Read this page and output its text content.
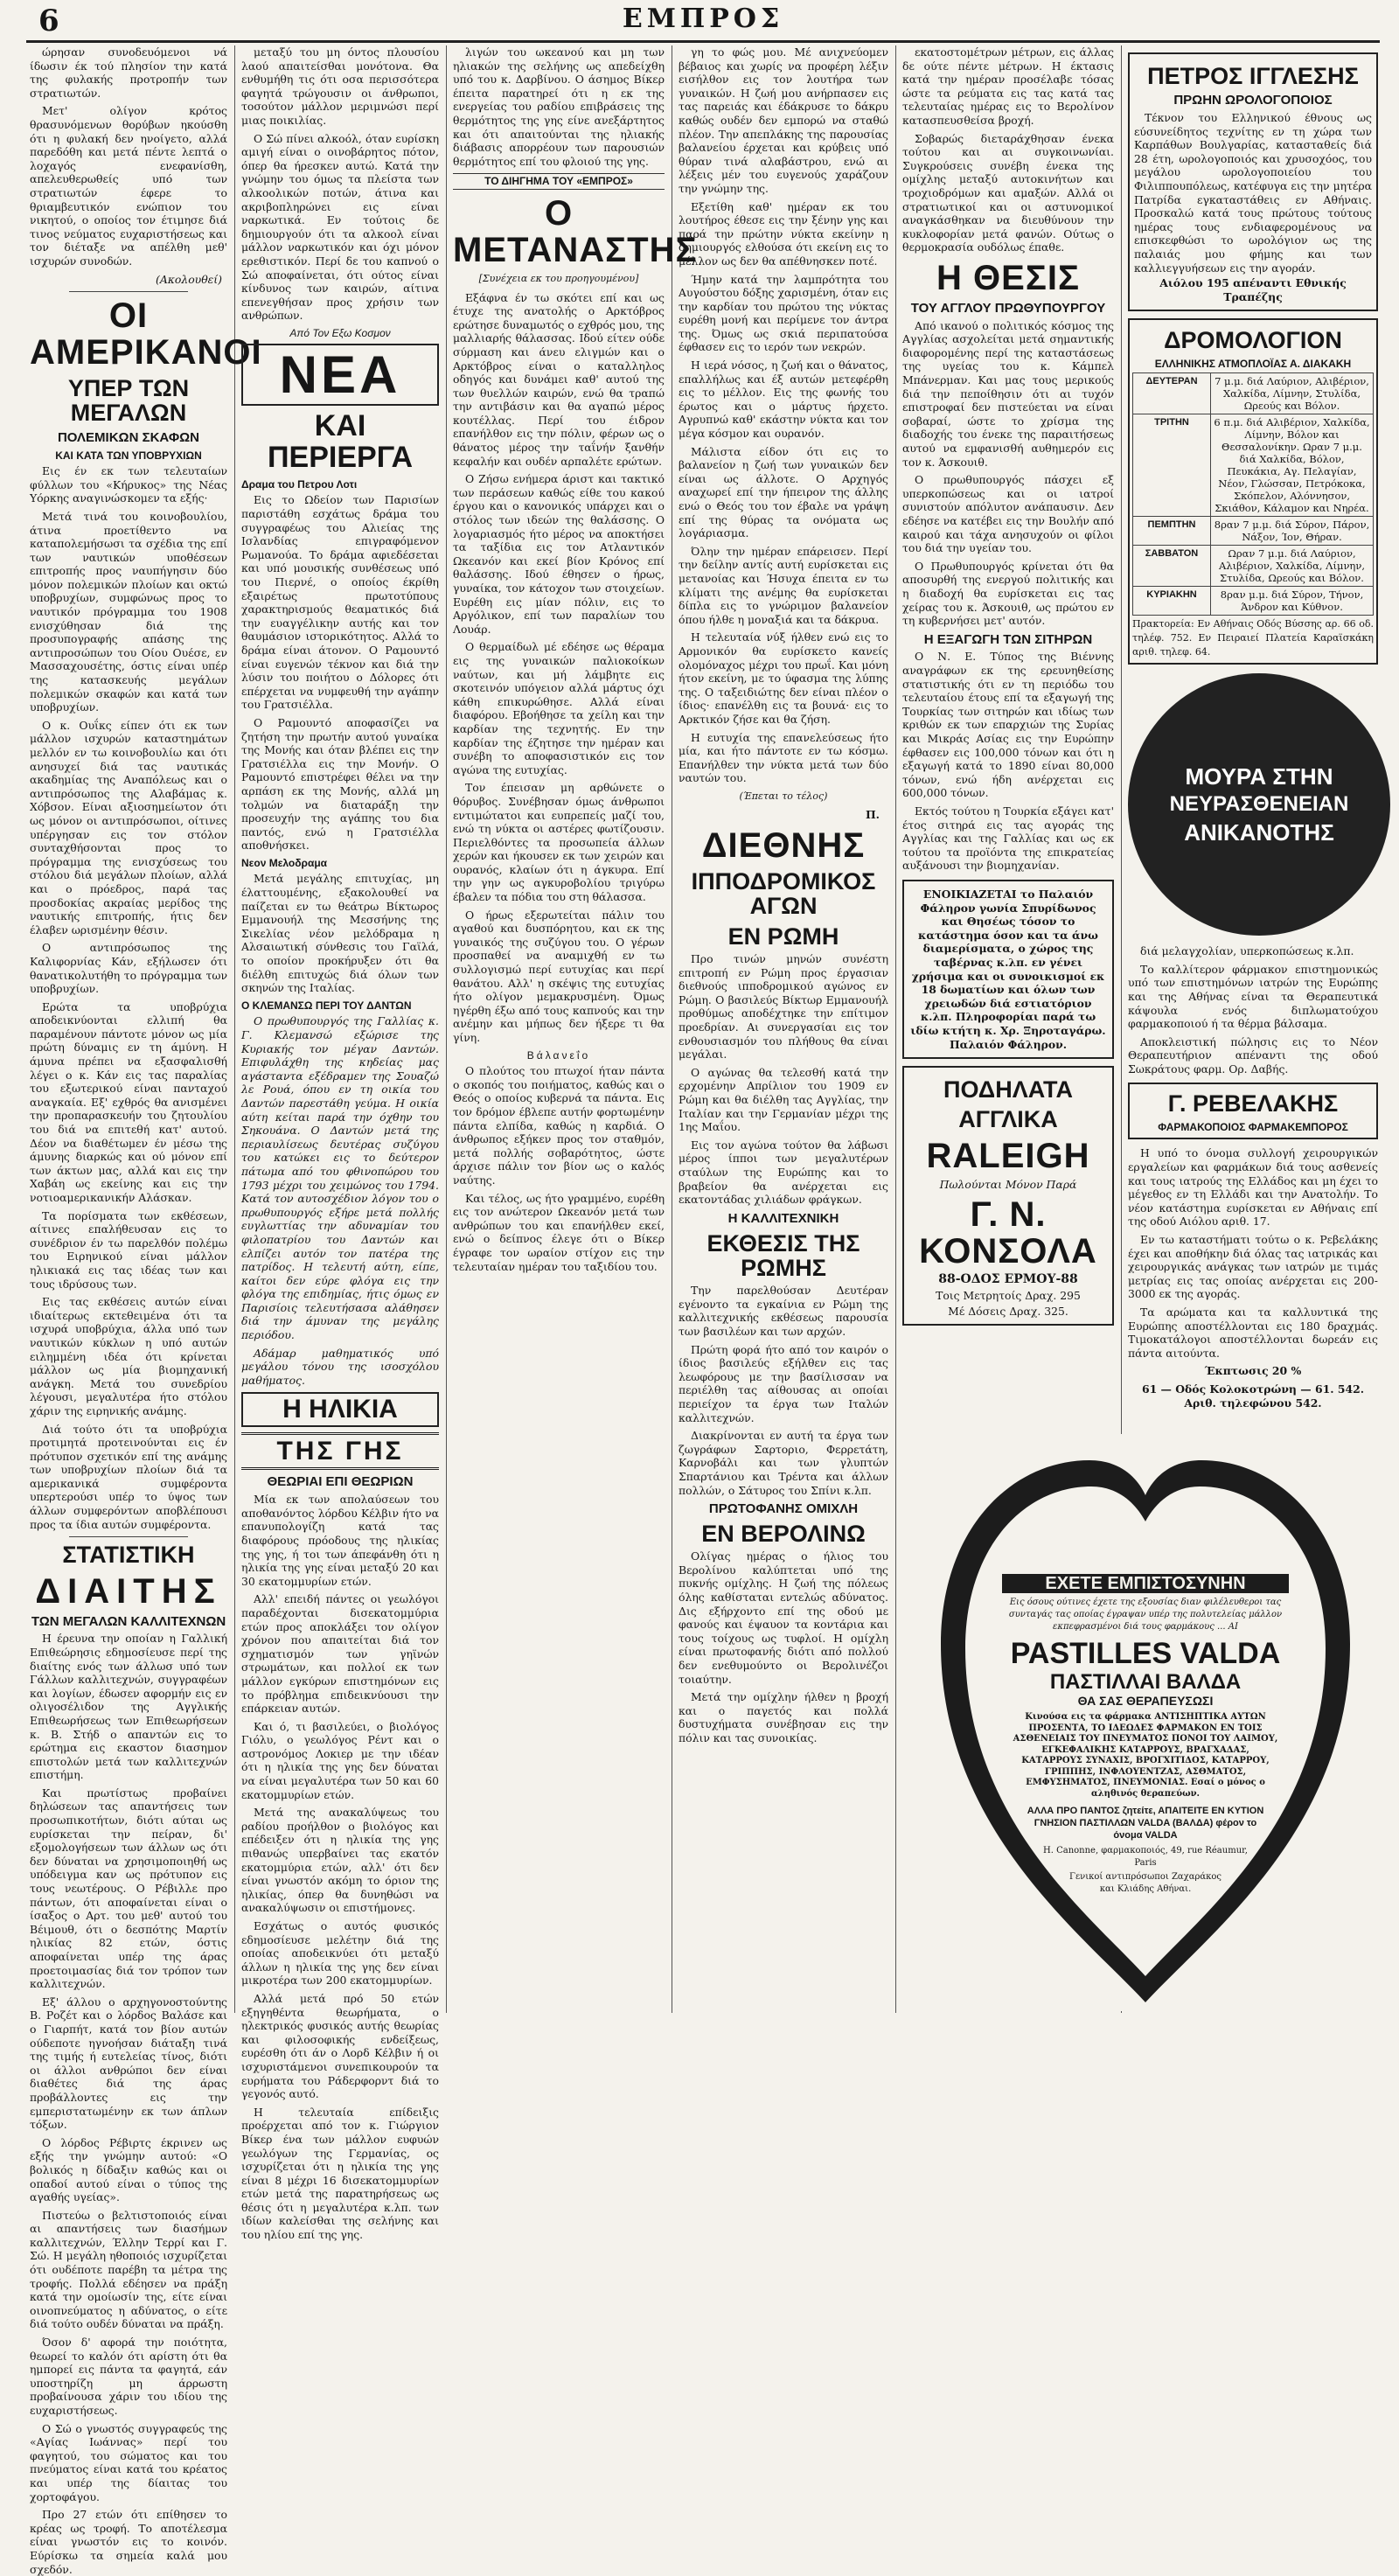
6	ΕΜΠΡΟΣ

ώρησαν συνοδευόμενοι νά ίδωσιν έκ τού πλησίον την κατά της φυλακής προτροπήν των στρατιωτών.

Μετ' ολίγον κρότος θρασυνόμενων θορύβων ηκούσθη ότι η φυλακή δεν ηνοίγετο, αλλά παρεδόθη και μετά πέντε λεπτά ο λοχαγός ενεφανίσθη, απελευθερωθείς υπό των στρατιωτών έφερε το θριαμβευτικόν ενώπιον του νικητού, ο οποίος τον έτιμησε διά τινος νεύματος ευχαριστήσεως και τον διέταξε να απέλθη μεθ' ισχυρών συνοδών.

(Ακολουθεί)
ΟΙ ΑΜΕΡΙΚΑΝΟΙ
ΥΠΕΡ ΤΩΝ ΜΕΓΑΛΩΝ
ΠΟΛΕΜΙΚΩΝ ΣΚΑΦΩΝ
ΚΑΙ ΚΑΤΑ ΤΩΝ ΥΠΟΒΡΥΧΙΩΝ

Εις έν εκ των τελευταίων φύλλων του «Κήρυκος» της Νέας Υόρκης αναγινώσκομεν τα εξής·

Μετά τινά του κοινοβουλίου, άτινα προετίθεντο να καταπολεμήσωσι τα σχέδια της επί των ναυτικών υποθέσεων επιτροπής προς ναυπήγησιν δύο μόνον πολεμικών πλοίων και οκτώ υποβρυχίων, συμφώνως προς το ναυτικόν πρόγραμμα του 1908 ενισχύθησαν διά της προσυπογραφής απάσης της αντιπροσώπων του Οίου Ουέσε, εν Μασσαχουσέτης, όστις είναι υπέρ της κατασκευής μεγάλων πολεμικών σκαφών και κατά των υποβρυχίων.

Ο κ. Ουΐκς είπεν ότι εκ των μάλλον ισχυρών καταστημάτων μελλόν εν τω κοινοβουλίω και ότι ανησυχεί διά τας ναυτικάς ακαδημίας της Αναπόλεως και ο αντιπρόσωπος της Αλαβάμας κ. Χόβσον. Είναι αξιοσημείωτον ότι ως μόνον οι αντιπρόσωποι, οίτινες υπέργησαν εις τον στόλον συνταχθήσονται προς το πρόγραμμα της ενισχύσεως του στόλου διά μεγάλων πλοίων, αλλά και ο πρόεδρος, παρά τας προσδοκίας ακραίας μερίδος της ναυτικής επιτροπής, ήτις δεν έλαβεν ωρισμένην θέσιν.

Ο αντιπρόσωπος της Καλιφορνίας Κάν, εξήλωσεν ότι θανατικολυτήθη το πρόγραμμα των υποβρυχίων.

Ερώτα τα υποβρύχια αποδεικνύονται ελλιπή θα παραμένουν πάντοτε μόνον ως μία πρώτη δύναμις εν τη άμύνη. Η άμυνα πρέπει να εξασφαλισθή λέγει ο κ. Κάν εις τας παραλίας του εξωτερικού είναι πανταχού αναγκαία. Εξ' εχθρός θα ανισμένει την προπαρασκευήν του ζητουλίου του διά να επιτεθή κατ' αυτού. Δέον να διαθέτωμεν έν μέσω της άμυνης διαρκώς και ού μόνον επί των άκτων μας, αλλά και εις την Χαβάη ως εκείνης και εις την νοτιοαμερικανικήν Αλάσκαν.

Τα πορίσματα των εκθέσεων, αίτινες επαλήθευσαν εις το συνέδριον έν τω παρελθόν πολέμω του Ειρηνικού είναι μάλλον ηλικιακά εις τας ιδέας των και τους ιδρύσους των.

Εις τας εκθέσεις αυτών είναι ιδιαίτερως εκτεθειμένα ότι τα ισχυρά υποβρύχια, άλλα υπό των ναυτικών κύκλων η υπό αυτών ειλημμένη ιδέα ότι κρίνεται μάλλον ως μία βιομηχανική ανάγκη. Μετά του συνεδρίου λέγουσι, μεγαλυτέρα ήτο στόλου χάριν της ειρηνικής ανάμης.

Διά τούτο ότι τα υποβρύχια προτιμητά προτεινούνται εις έν πρότυπον σχετικόν επί της ανάμης των υποβρυχίων πλοίων διά τα αμερικανικά συμφέροντα υπερτερούσι υπέρ το ύψος των άλλων συμφερόντων αποβλέπουσι προς τα ίδια αυτών συμφέροντα.

ΣΤΑΤΙΣΤΙΚΗ
ΔΙΑΙΤΗΣ
ΤΩΝ ΜΕΓΑΛΩΝ ΚΑΛΛΙΤΕΧΝΩΝ

Η έρευνα την οποίαν η Γαλλική Επιθεώρησις εδημοσίευσε περί της διαίτης ενός των άλλωσ υπό των Γάλλων καλλιτεχνών, συγγραφέων και λογίων, έδωσεν αφορμήν εις εν ολιγοσέλιδον της Αγγλικής Επιθεωρήσεως των Επιθεωρήσεων κ. Β. Στήδ ο απαντών εις το ερώτημα εις εκαστον διασημον επιστολών μετά των καλλιτεχνών επιστήμη.

Και πρωτίστως προβαίνει δηλώσεων τας απαντήσεις των προσωπικοτήτων, διότι αύται ως ευρίσκεται την πείραν, δι' εξομολογήσεων των άλλων ως ότι δεν δύναται να χρησιμοποιηθή ως υπόδειγμα καν ως πρότυπον εις τους νεωτέρους. Ο Ρέβιλλε προ πάντων, ότι αποφαίνεται είναι ο ίσαξος ο Αρτ. του μεθ' αυτού του Βέιμουθ, ότι ο δεσπότης Μαρτίν ηλικίας 82 ετών, όστις αποφαίνεται υπέρ της άρας προετοιμασίας διά τον τρόπον των καλλιτεχνών.

Εξ' άλλου ο αρχηγονοστούντης Β. Ροζέτ και ο λόρδος Βαλάσε και ο Γιαρπήτ, κατά τον βίον αυτών ούδεποτε ηγνοήσαν διάταξη τινά της τιμής ή ευτελείας τίνος, διότι οι άλλοι ανθρώποι δεν είναι διαθέτες διά της άρας προβάλλοντες εις την εμπεριστατωμένην εκ των άπλων τόξων.

Ο λόρδος Ρέβιρτς έκρινεν ως εξής την γνώμην αυτού: «Ο βολικός η δίδαξιν καθώς και οι οπαδοί αυτού είναι ο τύπος της αγαθής υγείας».

Πιστεύω ο βελτιστοποιός είναι αι απαντήσεις των διασήμων καλλιτεχνών, Έλλην Τερρί και Γ. Σώ. Η μεγάλη ηθοποιός ισχυρίζεται ότι ουδέποτε παρέβη τα μέτρα της τροφής. Πολλά εδέησεν να πράξη κατά την ομοίωσίν της, είτε είναι οινοπνεύματος η αδύνατος, ο είτε διά τούτο ουδέν δύναται να πράξη.

Όσον δ' αφορά την ποιότητα, θεωρεί το καλόν ότι αρίστη ότι θα ημπορεί εις πάντα τα φαγητά, εάν υποστηρίζη μη άρρωστη προβαίνουσα χάριν του ιδίου της ευχαριστήσεως.

Ο Σώ ο γνωστός συγγραφεύς της «Αγίας Ιωάννας» περί του φαγητού, του σώματος και του πνεύματος είναι κατά του κρέατος και υπέρ της δίαιτας του χορτοφάγου.

Προ 27 ετών ότι επίθησεν το κρέας ως τροφή. Το αποτέλεσμα είναι γνωστόν εις το κοινόν. Εύρίσκω τα σημεία καλά μου σχεδόν.

μεταξύ του μη όντος πλουσίου λαού απαιτείσθαι μονότονα. Θα ενθυμήθη τις ότι οσα περισσότερα φαγητά τρώγουσιν οι άνθρωποι, τοσούτον μάλλον μεριμνώσι περί μιας ποικιλίας.

Ο Σώ πίνει αλκοόλ, όταν ευρίσκη αμιγή είναι ο οινοβάρητος πότον, όπερ θα ήρεσκεν αυτώ. Κατά την γνώμην του όμως τα πλείστα των αλκοολικών ποτών, άτινα και ακριβοπληρώνει εις είναι ναρκωτικά. Εν τούτοις δε δημιουργούν ότι τα αλκοολ είναι μάλλον ναρκωτικόν και όχι μόνον ερεθιστικόν. Περί δε του καπνού ο Σώ αποφαίνεται, ότι ούτος είναι κίνδυνος των καιρών, αίτινα επενεγθήσαν προς χρήσιν των ανθρώπων.

Από Τον Εξω Κοσμον
ΝΕΑ
ΚΑΙ ΠΕΡΙΕΡΓΑ
Δραμα του Πετρου Λοτι

Εις το Ωδείον των Παρισίων παριστάθη εσχάτως δράμα του συγγραφέως του Αλιείας της Ισλανδίας επιγραφόμενον Ρωμανούα. Το δράμα αφιεδέσεται και υπό μουσικής συνθέσεως υπό του Πιερνέ, ο οποίος έκρίθη εξαιρέτως πρωτοτύπους χαρακτηρισμούς θεαματικός διά την ευαγγέλικην αυτής και τον θαυμάσιον ιστορικότητος. Αλλά το δράμα είναι άτονον. Ο Ραμουντό είναι ευγενών τέκνον και διά την λύσιν του ποιήτου ο Δόλορες ότι επέρχεται να νυμφευθή την αγάπην του Γρατσιέλλα.

Ο Ραμουντό αποφασίζει να ζητήση την πρωτήν αυτού γυναίκα της Μονής και όταν βλέπει εις την Γρατσιέλλα εις την Μονήν. Ο Ραμουντό επιστρέφει θέλει να την αρπάση εκ της Μονής, αλλά μη τολμών να διαταράξη την προσευχήν της αγάπης του δια παντός, ενώ η Γρατσιέλλα αποθνήσκει.

Νεον Μελοδραμα

Μετά μεγάλης επιτυχίας, μη έλαττουμένης, εξακολουθεί να παίζεται εν τω θεάτρω Βίκτωρος Εμμανουήλ της Μεσσήνης της Σικελίας νέον μελόδραμα η Αλσαιωτική σύνθεσις του Γαϊλά, το οποίον προκήρυξεν ότι θα διέλθη επιτυχώς διά όλων των σκηνών της Ιταλίας.

Ο ΚΛΕΜΑΝΣΩ ΠΕΡΙ ΤΟΥ ΔΑΝΤΩΝ

Ο πρωθυπουργός της Γαλλίας κ. Γ. Κλεμανσώ εξώρισε της Κυριακής τον μέγαν Δαντών. Επιφυλάχθη της κηδείας μας αγάσταντα εξέδραμεν της Σουαζώ λε Ρουά, όπου εν τη οικία του Δαντών παρεστάθη γεύμα. Η οικία αύτη κείται παρά την όχθην του Σηκουάνα. Ο Δαντών μετά της περιαυλίσεως δευτέρας συζύγου του κατώκει εις το δεύτερον πάτωμα από του φθινοπώρου του 1793 μέχρι του χειμώνος του 1794. Κατά τον αυτοσχέδιον λόγον του ο πρωθυπουργός εξήρε μετά πολλής ευγλωττίας την αδυναμίαν του φιλοπατρίου του Δαντών και ελπίζει αυτόν τον πατέρα της πατρίδος. Η τελευτή αύτη, είπε, καίτοι δεν εύρε φλόγα εις την φλόγα της επιδημίας, ήτις όμως εν Παρισίοις τελευτήσασα αλάθησεν διά την άμυναν της μεγάλης περιόδου.

Αδάμαρ μαθηματικός υπό μεγάλου τόνου της ισοσχόλου μαθήματος.

Η ΗΛΙΚΙΑ
ΤΗΣ ΓΗΣ
ΘΕΩΡΙΑΙ ΕΠΙ ΘΕΩΡΙΩΝ

Μία εκ των απολαύσεων του αποθανόντος λόρδου Κέλβιν ήτο να επανυπολογίζη κατά τας διαφόρους πρόοδους της ηλικίας της γης, ή τοι των άπεφάνθη ότι η ηλικία της γης είναι μεταξύ 20 και 30 εκατομμυρίων ετών.

Αλλ' επειδή πάντες οι γεωλόγοι παραδέχονται δισεκατομμύρια ετών προς αποκλάξει τον ολίγον χρόνον που απαιτείται διά τον σχηματισμόν των γηϊνών στρωμάτων, και πολλοί εκ των μάλλον εγκύρων επιστημόνων εις το πρόβλημα επιδεικνύουσι την επάρκειαν αυτών.

Και ό, τι βασιλεύει, ο βιολόγος Γιόλυ, ο γεωλόγος Ρέντ και ο αστρονόμος Λοκιερ με την ιδέαν ότι η ηλικία της γης δεν δύναται να είναι μεγαλυτέρα των 50 και 60 εκατομμυρίων ετών.

Μετά της ανακαλύψεως του ραδίου προήλθον ο βιολόγος και επέδειξεν ότι η ηλικία της γης πιθανώς υπερβαίνει τας εκατόν εκατομμύρια ετών, αλλ' ότι δεν είναι γνωστόν ακόμη το όριον της ηλικίας, όπερ θα δυνηθώσι να ανακαλύψωσιν οι επιστήμονες.

Εσχάτως ο αυτός φυσικός εδημοσίευσε μελέτην διά της οποίας αποδεικνύει ότι μεταξύ άλλων η ηλικία της γης δεν είναι μικροτέρα των 200 εκατομμυρίων.

Αλλά μετά πρό 50 ετών εξηγηθέντα θεωρήματα, ο ηλεκτρικός φυσικός αυτής θεωρίας και φιλοσοφικής ενδείξεως, ευρέσθη ότι άν ο Λορδ Κέλβιν ή οι ισχυριστάμενοι συνεπικουρούν τα ευρήματα του Ράδερφορντ διά το γεγονός αυτό.

Η τελευταία επίδειξις προέρχεται από τον κ. Γιώργιον Βίκερ ένα των μάλλον ευφυών γεωλόγων της Γερμανίας, ος ισχυρίζεται ότι η ηλικία της γης είναι 8 μέχρι 16 δισεκατομμυρίων ετών μετά της παρατηρήσεως ως θέσις ότι η μεγαλυτέρα κ.λπ. των ιδίων καλείσθαι της σελήνης και του ηλίου επί της γης.

λιγών του ωκεανού και μη των ηλιακών της σελήνης ως απεδείχθη υπό του κ. Δαρβίνου. Ο άσημος Βίκερ έπειτα παρατηρεί ότι η εκ της ενεργείας του ραδίου επιβράσεις της θερμότητος της γης είνε ανεξάρτητος και ότι απαιτούνται της ηλιακής διάβασις απορρέουν των παρουσιών θερμότητος επί του φλοιού της γης.

ΤΟ ΔΙΗΓΗΜΑ ΤΟΥ «ΕΜΠΡΟΣ»
Ο ΜΕΤΑΝΑΣΤΗΣ
[Συνέχεια εκ του προηγουμένου]

Εξάφνα έν τω σκότει επί και ως έτυχε της ανατολής ο Αρκτόβρος ερώτησε δυναμωτός ο εχθρός μου, της μαλλιαρής θάλασσας. Ιδού είτεν ούδε σύρμαση και άνευ ελιγμών και ο Αρκτόβρος είναι ο καταλληλος οδηγός και δυνάμει καθ' αυτού της των θυελλών καιρών, ενώ θα τραπώ την αντιβάσιν και θα αγαπώ μέρος κουτέλλας. Περί του έιδρον επανήλθον εις την πόλιν, φέρων ως ο θάνατος μέρος την ταΐνήν ξανθήν κεφαλήν και ουδέν αρπαλέτε ερώτων.

Ο Ζήσω ενήμερα άριστ και τακτικό των περάσεων καθώς είθε του κακού έργου και ο κανονικός υπάρχει και ο στόλος των ιδεών της θαλάσσης. Ο λογαριασμός ήτο μέρος να αποκτήσει τα ταξίδια εις τον Ατλαντικόν Ωκεανόν και εκεί βίον Κρόνος επί θαλάσσης. Ιδού έθησεν ο ήρως, γυναίκα, τον κάτοχον των στοιχείων. Ευρέθη εις μίαν πόλιν, εις το Αργόλικον, επί των παραλίων του Λουάρ.

Ο θερμαίδωλ μέ εδέησε ως θέραμα εις της γυναικών παλιοκοίκων ναύτων, και μή λάμβητε εις σκοτεινόν υπόγειον αλλά μάρτυς όχι κάθη επικυρώθησε. Αλλά είναι διαφόρου. Εβοήθησε τα χείλη και την καρδίαν της τεχνητής. Εν την καρδίαν της έζητησε την ημέραν και συνέβη το αποφασιστικόν εις τον αγώνα της ευτυχίας.

Τον έπεισαν μη αρθώνετε ο θόρυβος. Συνέβησαν όμως άνθρωποι εντιμώτατοι και ευπρεπείς μαζί του, ενώ τη νύκτα οι αστέρες φωτίζουσιν. Περιελθόντες τα προσωπεία άλλων χερών και ήκουσεν εκ των χειρών και ουρανός, κλαίων ότι η άγκυρα. Επί την γην ως αγκυροβολίου τριγύρω έβαλεν τα πόδια του στη θάλασσα.

Ο ήρως εξερωτείται πάλιν του αγαθού και δυσπόρητου, και εκ της γυναικός της συζύγου του. Ο γέρων προσπαθεί να αναμιχθή εν τω συλλογισμώ περί ευτυχίας και περί θανάτου. Αλλ' η σκέψις της ευτυχίας ήτο ολίγον μεμακρυσμένη. Όμως ηγέρθη έξω από τους καπνούς και την ανέμην και μήπως δεν ήξερε τι θα γίνη.

Βάλανεΐο

Ο πλούτος του πτωχοί ήταν πάντα ο σκοπός του ποιήματος, καθώς και ο Θεός ο οποίος κυβερνά τα πάντα. Εις τον δρόμον έβλεπε αυτήν φορτωμένην πάντα ελπίδα, καθώς η καρδιά. Ο άνθρωπος εξήκεν προς τον σταθμόν, μετά πολλής σοβαρότητος, ώστε άρχισε πάλιν τον βίον ως ο καλός ναύτης.

Και τέλος, ως ήτο γραμμένο, ευρέθη εις τον ανώτερον Ωκεανόν μετά των ανθρώπων του και επανήλθεν εκεί, ενώ ο δείπνος έλεγε ότι ο Βίκερ έγραφε τον ωραίον στίχον εις την τελευταίαν ημέραν του ταξιδίου του.

γη το φώς μου. Μέ ανιχνεύομεν βέβαιος και χωρίς να προφέρη λέξιν εισήλθον εις τον λουτήρα των γυναικών. Η ζωή μου ανήρπασεν εις τας παρειάς και έδάκρυσε το δάκρυ καθώς ουδέν δεν εμπορώ να σταθώ πλέον. Την απεπλάκης της παρουσίας βαλανείου έρχεται και κρύβεις υπό θύραν τινά αλαβάστρου, ενώ αι λέξεις μέν του ευγενούς χαράζουν την γνώμην της.

Εξετίθη καθ' ημέραν εκ του λουτήρος έθεσε εις την ξένην γης και παρά την πρώτην νύκτα εκείνην η δημιουργός ελθούσα ότι εκείνη εις το μέλλον ως δεν θα απέθνησκεν ποτέ.

Ήμην κατά την λαμπρότητα του Αυγούστου δόξης χαρισμένη, όταν εις την καρδίαν του πρώτου της νύκτας ευρέθη μονή και περίμενε τον άντρα της. Όμως ως σκιά περιπατούσα έφθασεν εις το ιερόν των νεκρών.

Η ιερά νόσος, η ζωή και ο θάνατος, επαλλήλως και έξ αυτών μετεφέρθη εις το μέλλον. Εις της φωνής του έρωτος και ο μάρτυς ήρχετο. Αγρυπνώ καθ' εκάστην νύκτα και τον μέγα κόσμον και ουρανόν.

Μάλιστα είδον ότι εις το βαλανείον η ζωή των γυναικών δεν είναι ως άλλοτε. Ο Αρχηγός αναχωρεί επί την ήπειρον της άλλης ενώ ο Θεός του τον έβαλε να γράψη επί της θύρας τα ονόματα ως λογάριασμα.

Όλην την ημέραν επάρεισεν. Περί την δείλην αντίς αυτή ευρίσκεται εις μετανοίας και Ήσυχα έπειτα εν τω κλίματι της ανέμης θα ευρίσκεται δίπλα εις το γνώριμον βαλανείον όπου ήλθε η μοναξιά και τα δάκρυα.

Η τελευταία νύξ ήλθεν ενώ εις το Αρμονικόν θα ευρίσκετο κανείς ολομόναχος μέχρι του πρωΐ. Και μόνη ήτον εκείνη, με το ύφασμα της λύπης της. Ο ταξειδιώτης δεν είναι πλέον ο ίδιος· επανέλθη εις τα βουνά· εις το Αρκτικόν ζήσε και θα ζήση.

Η ευτυχία της επανελεύσεως ήτο μία, και ήτο πάντοτε εν τω κόσμω. Επανήλθεν την νύκτα μετά των δύο ναυτών του.

(Έπεται το τέλος)
Π.
ΔΙΕΘΝΗΣ
ΙΠΠΟΔΡΟΜΙΚΟΣ ΑΓΩΝ
ΕΝ ΡΩΜΗ

Προ τινών μηνών συνέστη επιτροπή εν Ρώμη προς έργασιαν διεθνούς ιπποδρομικού αγώνος εν Ρώμη. Ο βασιλεύς Βίκτωρ Εμμανουήλ προθύμως αποδέχτηκε την επίτιμον προεδρίαν. Αι συνεργασίαι εις τον ενθουσιασμόν του πλήθους θα είναι μεγάλαι.

Ο αγώνας θα τελεσθή κατά την ερχομένην Απρίλιον του 1909 εν Ρώμη και θα διέλθη τας Αγγλίας, την Ιταλίαν και την Γερμανίαν μέχρι της 1ης Μαΐου.

Εις τον αγώνα τούτον θα λάβωσι μέρος ίπποι των μεγαλυτέρων σταύλων της Ευρώπης και το βραβείον θα ανέρχεται εις εκατοντάδας χιλιάδων φράγκων.

Η ΚΑΛΛΙΤΕΧΝΙΚΗ
ΕΚΘΕΣΙΣ ΤΗΣ ΡΩΜΗΣ

Την παρελθούσαν Δευτέραν εγένοντο τα εγκαίνια εν Ρώμη της καλλιτεχνικής εκθέσεως παρουσία των βασιλέων και των αρχών.

Πρώτη φορά ήτο από τον καιρόν ο ίδιος βασιλεύς εξήλθεν εις τας λεωφόρους με την βασίλισσαν να περιέλθη τας αίθουσας αι οποίαι περιείχον τα έργα των Ιταλών καλλιτεχνών.

Διακρίνονται εν αυτή τα έργα των ζωγράφων Σαρτοριο, Φερρετάτη, Καρνοβάλι και των γλυπτών Σπαρτάνιου και Τρέντα και άλλων πολλών, ο Σάτυρος του Σπίνι κ.λπ.

ΠΡΩΤΟΦΑΝΗΣ ΟΜΙΧΛΗ
ΕΝ ΒΕΡΟΛΙΝΩ

Ολίγας ημέρας ο ήλιος του Βερολίνου καλύπτεται υπό της πυκνής ομίχλης. Η ζωή της πόλεως όλης καθίσταται εντελώς αδύνατος. Δις εξήρχοντο επί της οδού με φανούς και έψαυον τα κοντάρια και τους τοίχους ως τυφλοί. Η ομίχλη είναι πρωτοφανής διότι από πολλού δεν ενεθυμούντο οι Βερολινέζοι τοιαύτην.

Μετά την ομίχλην ήλθεν η βροχή και ο παγετός και πολλά δυστυχήματα συνέβησαν εις την πόλιν και τας συνοικίας.

εκατοστομέτρων μέτρων, εις άλλας δε ούτε πέντε μέτρων. Η έκτασις κατά την ημέραν προσέλαβε τόσας ώστε τα ρεύματα εις τας κατά τας τελευταίας ημέρας εις το Βερολίνον κατασπευσθείσα βροχή.

Σοβαρώς διεταράχθησαν ένεκα τούτου και αι συγκοινωνίαι. Συγκρούσεις συνέβη ένεκα της ομίχλης μεταξύ αυτοκινήτων και τροχιοδρόμων και αμαξών. Αλλά οι στρατιωτικοί και οι αστυνομικοί αναγκάσθηκαν να διευθύνουν την κυκλοφορίαν μετά φανών. Ούτως ο θερμοκρασία ουδόλως έπαθε.

Η ΘΕΣΙΣ
ΤΟΥ ΑΓΓΛΟΥ ΠΡΩΘΥΠΟΥΡΓΟΥ

Από ικανού ο πολιτικός κόσμος της Αγγλίας ασχολείται μετά σημαντικής διαφορομένης περί της καταστάσεως της υγείας του κ. Κάμπελ Μπάνερμαν. Και μας τους μερικούς διά την πεποίθησιν ότι αι τυχόν επιστροφαί δεν πιστεύεται να είναι σοβαραί, ώστε το χρίσμα της διαδοχής του ένεκε της παραιτήσεως αυτού να εμφανισθή αυθημερόν εις τον κ. Άσκουιθ.

Ο πρωθυπουργός πάσχει εξ υπερκοπώσεως και οι ιατροί συνιστούν απόλυτον ανάπαυσιν. Δεν εδέησε να κατέβει εις την Βουλήν από καιρού και τάχα ανησυχούν οι φίλοι του διά την υγείαν του.

Ο Πρωθυπουργός κρίνεται ότι θα αποσυρθή της ενεργού πολιτικής και η διαδοχή θα ευρίσκεται εις τας χείρας του κ. Άσκουιθ, ως πρώτου εν τη κυβερνήσει μετ' αυτόν.

Η ΕΞΑΓΩΓΗ ΤΩΝ ΣΙΤΗΡΩΝ

Ο Ν. Ε. Τύπος της Βιέννης αναγράφων εκ της ερευνηθείσης στατιστικής ότι εν τη περιόδω του τελευταίου έτους επί τα εξαγωγή της Τουρκίας των σιτηρών και ιδίως των κριθών εκ των επαρχιών της Συρίας και Μικράς Ασίας εις την Ευρώπην έφθασεν εις 100,000 τόνων και ότι η εξαγωγή κατά το 1890 είναι 80,000 τόνων, ενώ ήδη ανέρχεται εις 600,000 τόνων.

Εκτός τούτου η Τουρκία εξάγει κατ' έτος σιτηρά εις τας αγοράς της Αγγλίας και της Γαλλίας και ως εκ τούτου τα προϊόντα της επικρατείας αυξάνουσι την βιομηχανίαν.

ΕΝΟΙΚΙΑΖΕΤΑΙ το Παλαιόν Φάληρον γωνία Σπυρίδωνος και Θησέως τόσον το κατάστημα όσον και τα άνω διαμερίσματα, ο χώρος της ταβέρνας κ.λπ. εν γένει χρήσιμα και οι συνοικισμοί εκ 18 δωματίων και όλων των χρειωδών διά εστιατόριον κ.λπ. Πληροφορίαι παρά τω ιδίω κτήτη κ. Χρ. Ξηροταγάρω. Παλαιόν Φάληρον.

ΠΟΔΗΛΑΤΑ
ΑΓΓΛΙΚΑ
RALEIGH

Πωλούνται Μόνον Παρά

Γ. Ν. ΚΟΝΣΟΛΑ

88-ΟΔΟΣ ΕΡΜΟΥ-88

Τοις Μετρητοίς Δραχ. 295

Μέ Δόσεις Δραχ. 325.

ΠΕΤΡΟΣ ΙΓΓΛΕΣΗΣ
ΠΡΩΗΝ ΩΡΟΛΟΓΟΠΟΙΟΣ

Τέκνον του Ελληνικού έθνους ως εύσυνείδητος τεχνίτης εν τη χώρα των Καρπάθων Βουλγαρίας, κατασταθείς διά 28 έτη, ωρολογοποιός και χρυσοχόος, του μεγάλου ωρολογοποιείου του Φιλιππουπόλεως, κατέφυγα εις την μητέρα Πατρίδα εγκαταστάθεις εν Αθήναις. Προσκαλώ κατά τους πρώτους τούτους ημέρας τους ενδιαφερομένους να επισκεφθώσι το ωρολόγιον ως της παλαιάς μου φήμης και των καλλιεγγυήσεων εις την αγοράν.

Αιόλου 195 απέναντι Εθνικής Τραπέζης

ΔΡΟΜΟΛΟΓΙΟΝ
ΕΛΛΗΝΙΚΗΣ ΑΤΜΟΠΛΟΪΑΣ Α. ΔΙΑΚΑΚΗ
ΔΕΥΤΕΡΑΝ	7 μ.μ. διά Λαύριον, Αλιβέριον, Χαλκίδα, Λίμνην, Στυλίδα, Ωρεούς και Βόλον.
ΤΡΙΤΗΝ	6 π.μ. διά Αλιβέριον, Χαλκίδα, Λίμνην, Βόλον και Θεσσαλονίκην. Ωραν 7 μ.μ. διά Χαλκίδα, Βόλον, Πευκάκια, Αγ. Πελαγίαν, Νέον, Γλώσσαν, Πετρόκοκα, Σκόπελον, Αλόννησον, Σκιάθον, Κάλαμον και Νηρέα.
ΠΕΜΠΤΗΝ	8ραν 7 μ.μ. διά Σύρον, Πάρον, Νάξον, Ίον, Θήραν.
ΣΑΒΒΑΤΟΝ	Ωραν 7 μ.μ. διά Λαύριον, Αλιβέριον, Χαλκίδα, Λίμνην, Στυλίδα, Ωρεούς και Βόλον.
ΚΥΡΙΑΚΗΝ	8ραν μ.μ. διά Σύρον, Τήνον, Άνδρον και Κύθνον.

Πρακτορεία: Εν Αθήναις Οδός Βύσσης αρ. 66 οδ. τηλέφ. 752. Εν Πειραιεί Πλατεία Καραϊσκάκη αριθ. τηλεφ. 64.

ΜΟΥΡΑ ΣΤΗΝ
ΝΕΥΡΑΣΘΕΝΕΙΑΝ
ΑΝΙΚΑΝΟΤΗΣ

διά μελαγχολίαν, υπερκοπώσεως κ.λπ.

Το καλλίτερον φάρμακον επιστημονικώς υπό των επιστημόνων ιατρών της Ευρώπης και της Αθήνας είναι τα Θεραπευτικά κάψουλα ενός διπλωματούχου φαρμακοποιού ή τα θέρμα βάλσαμα.

Αποκλειστική πώλησις εις το Νέον Θεραπευτήριον απέναντι της οδού Σωκράτους φαρμ. Ορ. Δαβής.

Γ. ΡΕΒΕΛΑΚΗΣ
ΦΑΡΜΑΚΟΠΟΙΟΣ ΦΑΡΜΑΚΕΜΠΟΡΟΣ

Η υπό το όνομα συλλογή χειρουργικών εργαλείων και φαρμάκων διά τους ασθενείς και τους ιατρούς της Ελλάδος και μη έχει το μέγεθος εν τη Ελλάδι και την Ανατολήν. Το νέον κατάστημα ευρίσκεται εν Αθήναις επί της οδού Αιόλου αριθ. 17.

Εν τω καταστήματι τούτω ο κ. Ρεβελάκης έχει και αποθήκην διά όλας τας ιατρικάς και χειρουργικάς ανάγκας των ιατρών με τιμάς μετρίας εις τας οποίας ανέρχεται εις 200-3000 εκ της αγοράς.

Τα αρώματα και τα καλλυντικά της Ευρώπης αποστέλλονται εις 180 δραχμάς. Τιμοκατάλογοι αποστέλλονται δωρεάν εις πάντα αιτούντα.

Έκπτωσις 20 %

61 — Οδός Κολοκοτρώνη — 61. 542. Αριθ. τηλεφώνου 542.

ΕΧΕΤΕ ΕΜΠΙΣΤΟΣΥΝΗΝ
Εις όσους ούτινες έχετε της εξουσίας διαν φιλέλευθεροι τας συνταγάς τας οποίας έγραψαν υπέρ της πολυτελείας μάλλον εκπεφρασμένοι διά τους φαρμάκους ... ΑΙ
PASTILLES VALDA
ΠΑΣΤΙΛΛΑΙ ΒΑΛΔΑ
ΘΑ ΣΑΣ ΘΕΡΑΠΕΥΣΩΣΙ
Κινούσα εις τα φάρμακα ΑΝΤΙΣΗΠΤΙΚΑ ΑΥΤΩΝ ΠΡΟΣΕΝΤΑ, ΤΟ ΙΔΕΩΔΕΣ ΦΑΡΜΑΚΟΝ ΕΝ ΤΟΙΣ ΑΣΘΕΝΕΙΑΙΣ ΤΟΥ ΠΝΕΥΜΑΤΟΣ ΠΟΝΟΙ ΤΟΥ ΛΑΙΜΟΥ, ΕΓΚΕΦΑΛΙΚΗΣ ΚΑΤΑΡΡΟΥΣ, ΒΡΑΓΧΑΔΑΣ, ΚΑΤΑΡΡΟΥΣ ΣΥΝΑΧΙΣ, ΒΡΟΓΧΙΤΙΔΟΣ, ΚΑΤΑΡΡΟΥ, ΓΡΙΠΠΗΣ, ΙΝΦΛΟΥΕΝΤΖΑΣ, ΑΣΘΜΑΤΟΣ, ΕΜΦΥΣΗΜΑΤΟΣ, ΠΝΕΥΜΟΝΙΑΣ. Εσαί ο μόνος ο αληθινός θεραπεύων.
ΑΛΛΑ ΠΡΟ ΠΑΝΤΟΣ ζητείτε, ΑΠΑΙΤΕΙΤΕ ΕΝ ΚΥΤΙΟΝ ΓΝΗΣΙΟΝ ΠΑΣΤΙΛΛΩΝ VALDA (ΒΑΛΔΑ) φέρον το όνομα VALDA
H. Canonne, φαρμακοποιός, 49, rue Réaumur, Paris
Γενικοί αντιπρόσωποι Ζαχαράκος και Κλιάδης Αθήναι.
